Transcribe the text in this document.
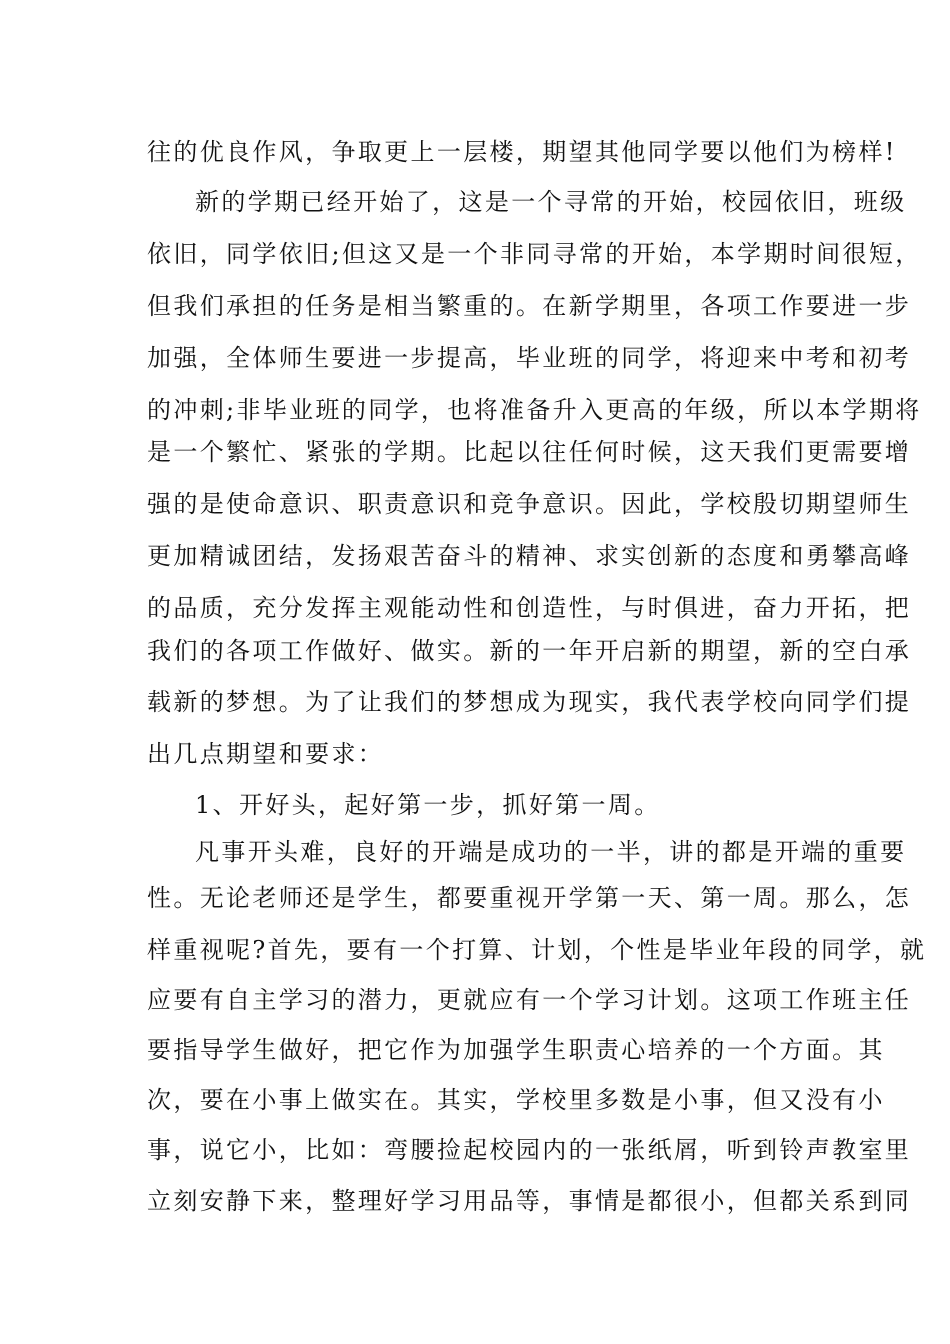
往的优良作风，争取更上一层楼，期望其他同学要以他们为榜样!
新的学期已经开始了，这是一个寻常的开始，校园依旧，班级
依旧，同学依旧;但这又是一个非同寻常的开始，本学期时间很短，
但我们承担的任务是相当繁重的。在新学期里，各项工作要进一步
加强，全体师生要进一步提高，毕业班的同学，将迎来中考和初考
的冲刺;非毕业班的同学，也将准备升入更高的年级，所以本学期将
是一个繁忙、紧张的学期。比起以往任何时候，这天我们更需要增
强的是使命意识、职责意识和竞争意识。因此，学校殷切期望师生
更加精诚团结，发扬艰苦奋斗的精神、求实创新的态度和勇攀高峰
的品质，充分发挥主观能动性和创造性，与时俱进，奋力开拓，把
我们的各项工作做好、做实。新的一年开启新的期望，新的空白承
载新的梦想。为了让我们的梦想成为现实，我代表学校向同学们提
出几点期望和要求：
1、开好头，起好第一步，抓好第一周。
凡事开头难，良好的开端是成功的一半，讲的都是开端的重要
性。无论老师还是学生，都要重视开学第一天、第一周。那么，怎
样重视呢?首先，要有一个打算、计划，个性是毕业年段的同学，就
应要有自主学习的潜力，更就应有一个学习计划。这项工作班主任
要指导学生做好，把它作为加强学生职责心培养的一个方面。其
次，要在小事上做实在。其实，学校里多数是小事，但又没有小
事，说它小，比如：弯腰捡起校园内的一张纸屑，听到铃声教室里
立刻安静下来，整理好学习用品等，事情是都很小，但都关系到同
